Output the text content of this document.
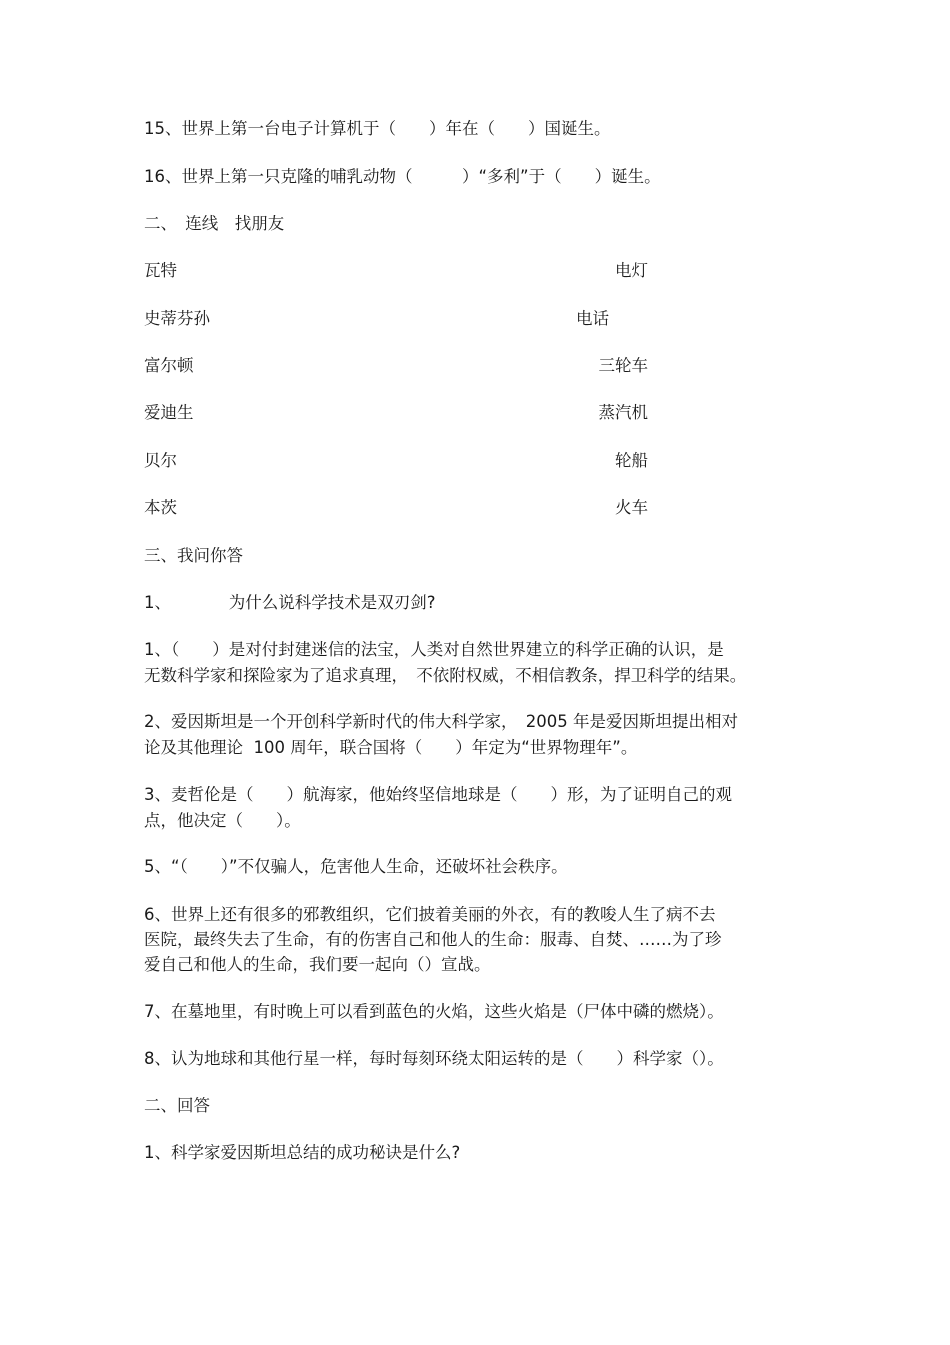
15、世界上第一台电子计算机于（　　）年在（　　）国诞生。
16、世界上第一只克隆的哺乳动物（　　　）“多利”于（　　）诞生。
二、　连线　找朋友
瓦特	电灯
史蒂芬孙	电话
富尔顿	三轮车
爱迪生	蒸汽机
贝尔	轮船
本茨	火车
三、我问你答
1、　　　　为什么说科学技术是双刃剑?
1、（　　）是对付封建迷信的法宝，人类对自然世界建立的科学正确的认识，是
无数科学家和探险家为了追求真理，　不依附权威，不相信教条，捍卫科学的结果。
2、爱因斯坦是一个开创科学新时代的伟大科学家，　2005 年是爱因斯坦提出相对
论及其他理论  100 周年，联合国将（　　）年定为“世界物理年”。
3、麦哲伦是（　　）航海家，他始终坚信地球是（　　）形，为了证明自己的观
点，他决定（　　）。
5、“（　　）”不仅骗人，危害他人生命，还破坏社会秩序。
6、世界上还有很多的邪教组织，它们披着美丽的外衣，有的教唆人生了病不去
医院，最终失去了生命，有的伤害自己和他人的生命：服毒、自焚、……为了珍
爱自己和他人的生命，我们要一起向（）宣战。
7、在墓地里，有时晚上可以看到蓝色的火焰，这些火焰是（尸体中磷的燃烧）。
8、认为地球和其他行星一样，每时每刻环绕太阳运转的是（　　）科学家（）。
二、回答
1、科学家爱因斯坦总结的成功秘诀是什么?
